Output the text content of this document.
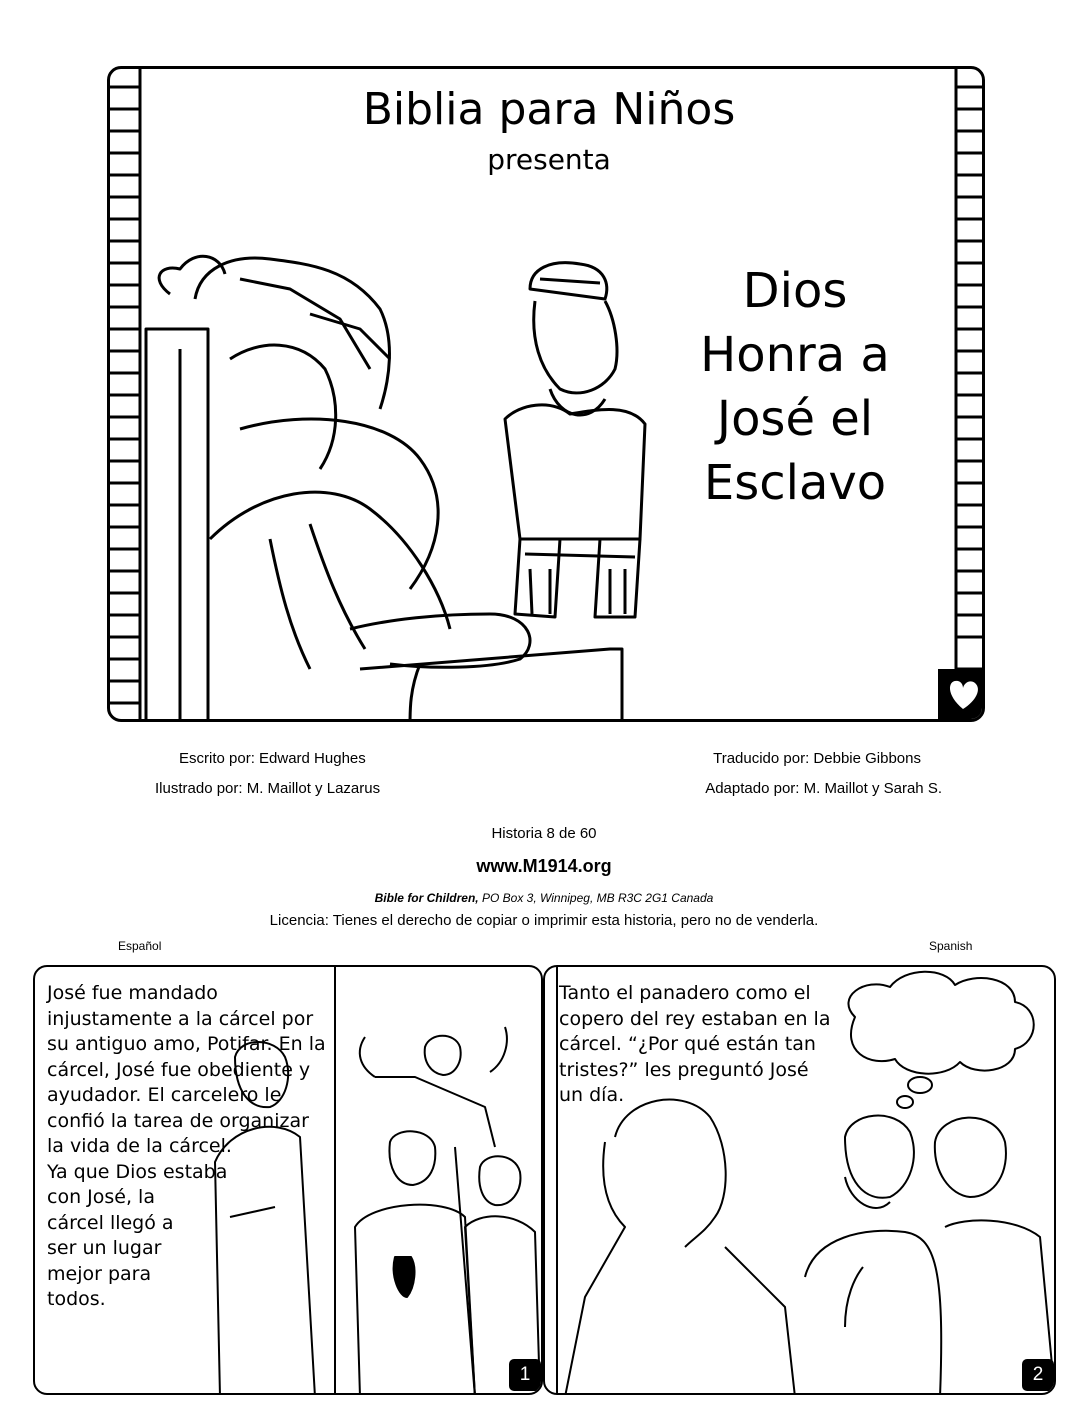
Biblia para Niños
presenta
Dios
Honra a
José el
Esclavo
Escrito por: Edward Hughes
Ilustrado por: M. Maillot y Lazarus
Traducido por: Debbie Gibbons
Adaptado por: M. Maillot y Sarah S.
Historia 8 de 60
www.M1914.org
Bible for Children, PO Box 3, Winnipeg, MB R3C 2G1 Canada
Licencia: Tienes el derecho de copiar o imprimir esta historia, pero no de venderla.
Español	Spanish
José fue mandado
injustamente a la cárcel por
su antiguo amo, Potifar. En la
cárcel, José fue obediente y
ayudador. El carcelero le
confió la tarea de organizar
la vida de la cárcel.
Ya que Dios estaba
con José, la
cárcel llegó a
ser un lugar
mejor para
todos.
1
Tanto el panadero como el
copero del rey estaban en la
cárcel. “¿Por qué están tan
tristes?” les preguntó José
un día.
2
